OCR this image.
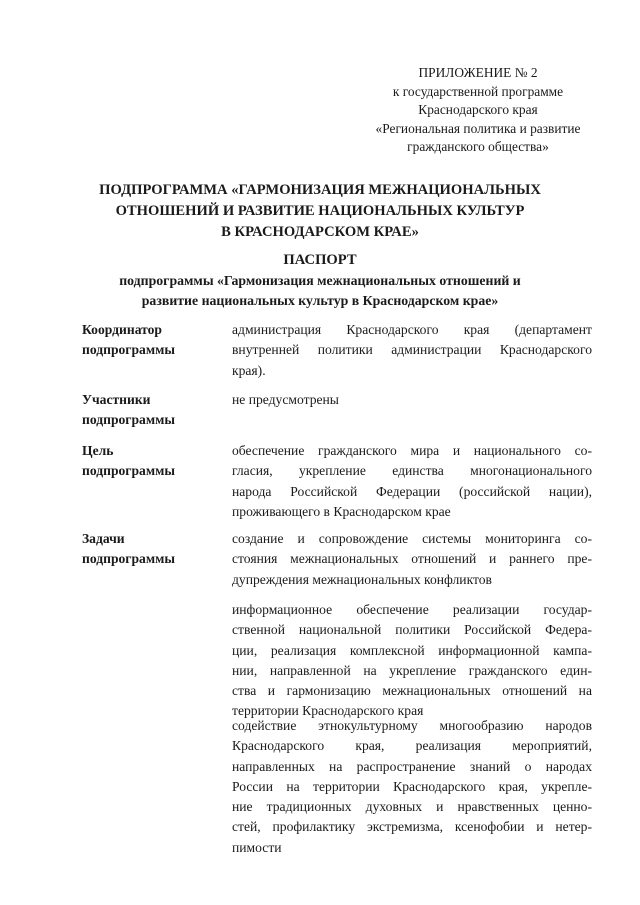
ПРИЛОЖЕНИЕ № 2
к государственной программе
Краснодарского края
«Региональная политика и развитие
гражданского общества»
ПОДПРОГРАММА «ГАРМОНИЗАЦИЯ МЕЖНАЦИОНАЛЬНЫХ
ОТНОШЕНИЙ И РАЗВИТИЕ НАЦИОНАЛЬНЫХ КУЛЬТУР
В КРАСНОДАРСКОМ КРАЕ»
ПАСПОРТ
подпрограммы «Гармонизация межнациональных отношений и
развитие национальных культур в Краснодарском крае»
Координатор
подпрограммы
администрация Краснодарского края (департамент
внутренней политики администрации Краснодарского
края).
Участники
подпрограммы
не предусмотрены
Цель
подпрограммы
обеспечение гражданского мира и национального со-
гласия, укрепление единства многонационального
народа Российской Федерации (российской нации),
проживающего в Краснодарском крае
Задачи
подпрограммы
создание и сопровождение системы мониторинга со-
стояния межнациональных отношений и раннего пре-
дупреждения межнациональных конфликтов
информационное обеспечение реализации государ-
ственной национальной политики Российской Федера-
ции, реализация комплексной информационной кампа-
нии, направленной на укрепление гражданского един-
ства и гармонизацию межнациональных отношений на
территории Краснодарского края
содействие этнокультурному многообразию народов
Краснодарского края, реализация мероприятий,
направленных на распространение знаний о народах
России на территории Краснодарского края, укрепле-
ние традиционных духовных и нравственных ценно-
стей, профилактику экстремизма, ксенофобии и нетер-
пимости
